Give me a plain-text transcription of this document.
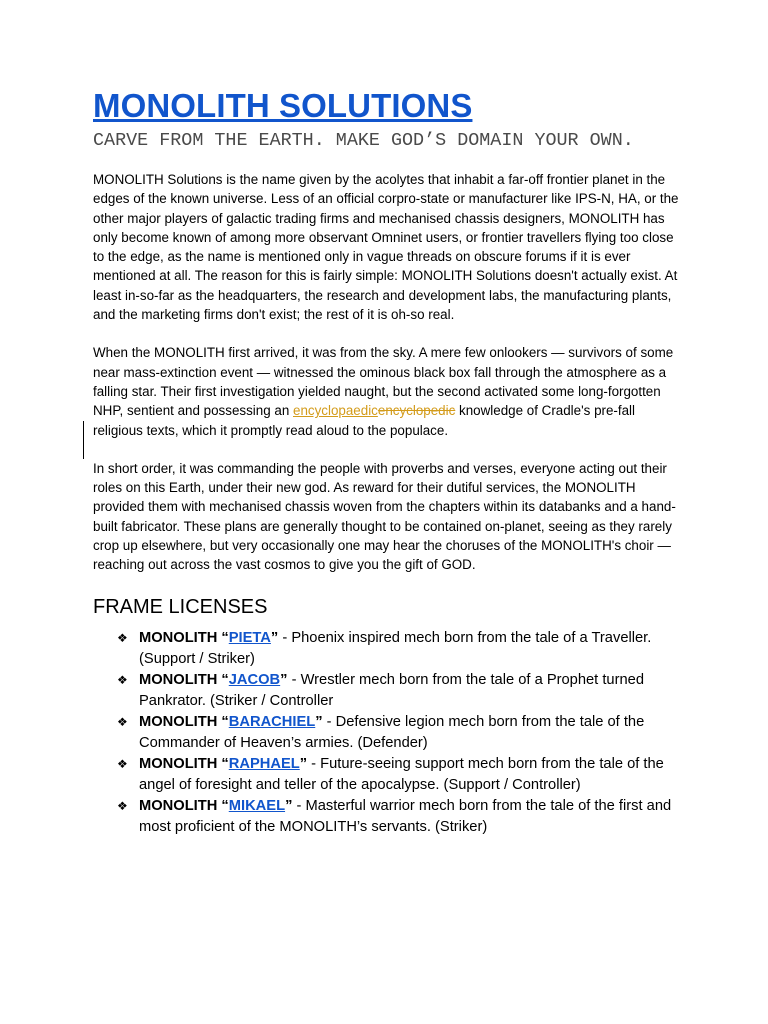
MONOLITH SOLUTIONS
CARVE FROM THE EARTH. MAKE GOD’S DOMAIN YOUR OWN.

MONOLITH Solutions is the name given by the acolytes that inhabit a far-off frontier planet in the edges of the known universe. Less of an official corpro-state or manufacturer like IPS-N, HA, or the other major players of galactic trading firms and mechanised chassis designers, MONOLITH has only become known of among more observant Omninet users, or frontier travellers flying too close to the edge, as the name is mentioned only in vague threads on obscure forums if it is ever mentioned at all. The reason for this is fairly simple: MONOLITH Solutions doesn't actually exist. At least in-so-far as the headquarters, the research and development labs, the manufacturing plants, and the marketing firms don't exist; the rest of it is oh-so real.

When the MONOLITH first arrived, it was from the sky. A mere few onlookers — survivors of some near mass-extinction event — witnessed the ominous black box fall through the atmosphere as a falling star. Their first investigation yielded naught, but the second activated some long-forgotten NHP, sentient and possessing an encyclopaedicencyclopedic knowledge of Cradle's pre-fall religious texts, which it promptly read aloud to the populace.

In short order, it was commanding the people with proverbs and verses, everyone acting out their roles on this Earth, under their new god. As reward for their dutiful services, the MONOLITH provided them with mechanised chassis woven from the chapters within its databanks and a hand-built fabricator. These plans are generally thought to be contained on-planet, seeing as they rarely crop up elsewhere, but very occasionally one may hear the choruses of the MONOLITH's choir — reaching out across the vast cosmos to give you the gift of GOD.

FRAME LICENSES
❖ MONOLITH “PIETA” - Phoenix inspired mech born from the tale of a Traveller. (Support / Striker)
❖ MONOLITH “JACOB” - Wrestler mech born from the tale of a Prophet turned Pankrator. (Striker / Controller
❖ MONOLITH “BARACHIEL” - Defensive legion mech born from the tale of the Commander of Heaven’s armies. (Defender)
❖ MONOLITH “RAPHAEL” - Future-seeing support mech born from the tale of the angel of foresight and teller of the apocalypse. (Support / Controller)
❖ MONOLITH “MIKAEL” - Masterful warrior mech born from the tale of the first and most proficient of the MONOLITH’s servants. (Striker)
